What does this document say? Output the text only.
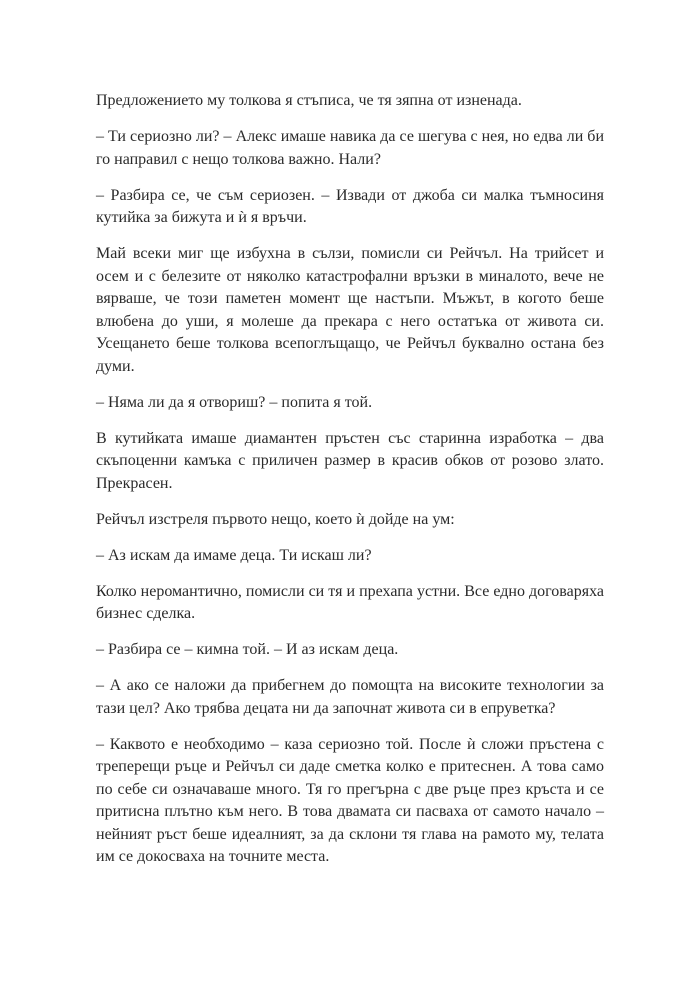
Предложението му толкова я стъписа, че тя зяпна от изненада.

– Ти сериозно ли? – Алекс имаше навика да се шегува с нея, но едва ли би го направил с нещо толкова важно. Нали?

– Разбира се, че съм сериозен. – Извади от джоба си малка тъмносиня кутийка за бижута и ѝ я връчи.

Май всеки миг ще избухна в сълзи, помисли си Рейчъл. На трийсет и осем и с белезите от няколко катастрофални връзки в миналото, вече не вярваше, че този паметен момент ще настъпи. Мъжът, в когото беше влюбена до уши, я молеше да прекара с него остатъка от живота си. Усещането беше толкова всепоглъщащо, че Рейчъл буквално остана без думи.

– Няма ли да я отвориш? – попита я той.

В кутийката имаше диамантен пръстен със старинна изработка – два скъпоценни камъка с приличен размер в красив обков от розово злато. Прекрасен.

Рейчъл изстреля първото нещо, което ѝ дойде на ум:

– Аз искам да имаме деца. Ти искаш ли?

Колко неромантично, помисли си тя и прехапа устни. Все едно договаряха бизнес сделка.

– Разбира се – кимна той. – И аз искам деца.

– А ако се наложи да прибегнем до помощта на високите технологии за тази цел? Ако трябва децата ни да започнат живота си в епруветка?

– Каквото е необходимо – каза сериозно той. После ѝ сложи пръстена с треперещи ръце и Рейчъл си даде сметка колко е притеснен. А това само по себе си означаваше много. Тя го прегърна с две ръце през кръста и се притисна плътно към него. В това двамата си пасваха от самото начало – нейният ръст беше идеалният, за да склони тя глава на рамото му, телата им се докосваха на точните места.
